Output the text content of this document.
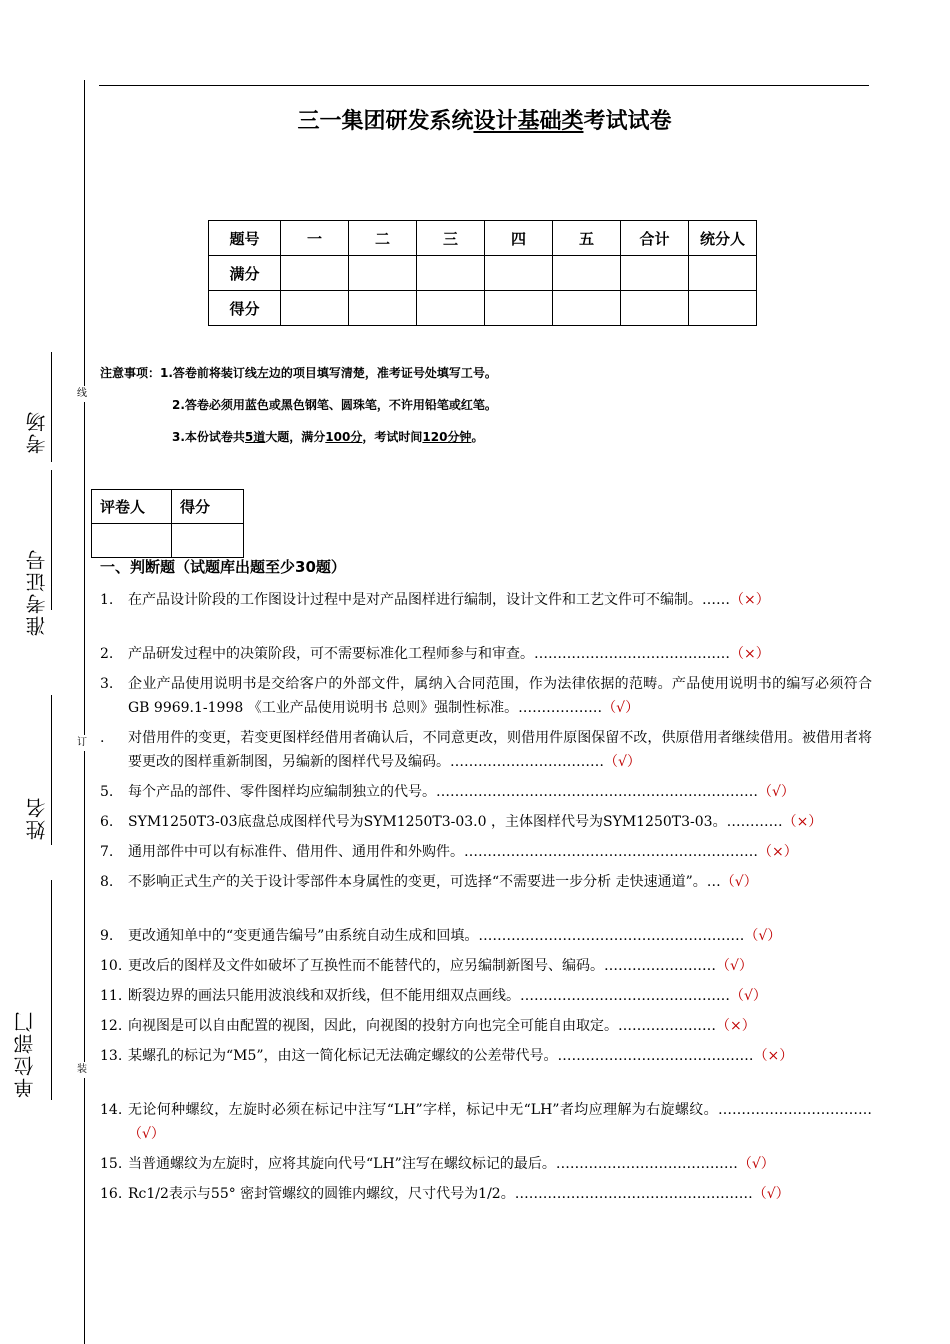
线
订
装
考场
准考证号
姓名
单位部门
三一集团研发系统设计基础类考试试卷
题号	一	二	三	四	五	合计	统分人
满分							
得分							
注意事项：1.答卷前将装订线左边的项目填写清楚，准考证号处填写工号。
2.答卷必须用蓝色或黑色钢笔、圆珠笔，不许用铅笔或红笔。
3.本份试卷共5道大题，满分100分，考试时间120分钟。
评卷人	得分

一、判断题（试题库出题至少30题）
1. 在产品设计阶段的工作图设计过程中是对产品图样进行编制，设计文件和工艺文件可不编制。……（×）
2. 产品研发过程中的决策阶段，可不需要标准化工程师参与和审查。……………………………………（×）
3. 企业产品使用说明书是交给客户的外部文件，属纳入合同范围，作为法律依据的范畴。产品使用说明书的编写必须符合GB 9969.1-1998 《工业产品使用说明书 总则》强制性标准。………………（√）
. 对借用件的变更，若变更图样经借用者确认后，不同意更改，则借用件原图保留不改，供原借用者继续借用。被借用者将要更改的图样重新制图，另编新的图样代号及编码。……………………………（√）
5. 每个产品的部件、零件图样均应编制独立的代号。……………………………………………………………（√）
6. SYM1250T3-03底盘总成图样代号为SYM1250T3-03.0 ，主体图样代号为SYM1250T3-03。…………（×）
7. 通用部件中可以有标准件、借用件、通用件和外购件。………………………………………………………（×）
8. 不影响正式生产的关于设计零部件本身属性的变更，可选择“不需要进一步分析 走快速通道”。…（√）
9. 更改通知单中的“变更通告编号”由系统自动生成和回填。…………………………………………………（√）
10. 更改后的图样及文件如破坏了互换性而不能替代的，应另编制新图号、编码。……………………（√）
11. 断裂边界的画法只能用波浪线和双折线，但不能用细双点画线。………………………………………（√）
12. 向视图是可以自由配置的视图，因此，向视图的投射方向也完全可能自由取定。…………………（×）
13. 某螺孔的标记为“M5”，由这一简化标记无法确定螺纹的公差带代号。……………………………………（×）
14. 无论何种螺纹，左旋时必须在标记中注写“LH”字样，标记中无“LH”者均应理解为右旋螺纹。……………………………（√）
15. 当普通螺纹为左旋时，应将其旋向代号“LH”注写在螺纹标记的最后。…………………………………（√）
16. Rc1/2表示与55° 密封管螺纹的圆锥内螺纹，尺寸代号为1/2。……………………………………………（√）
